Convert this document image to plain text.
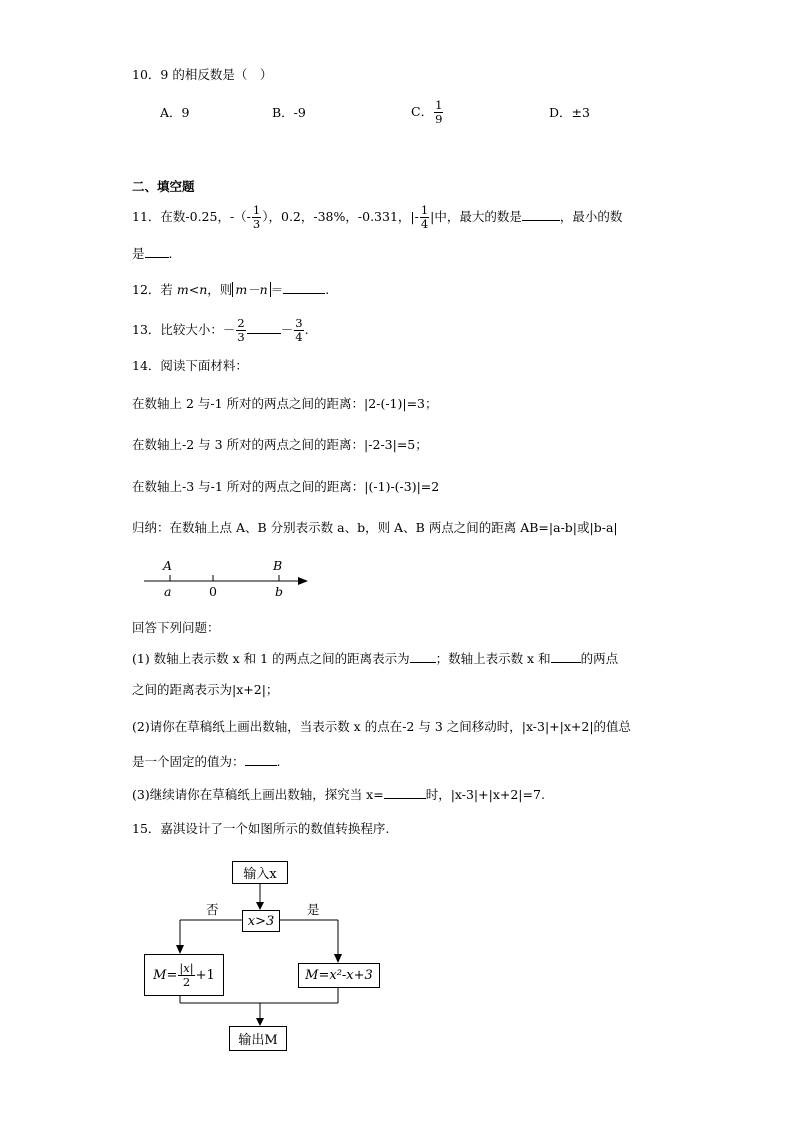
10．9 的相反数是（　）
A．9	B．-9	C． $\frac{1}{9}$	D．±3
二、填空题
11．在数-0.25，-（- $\frac{1}{3}$ ），0.2，-38%，-0.331，|- $\frac{1}{4}$ |中，最大的数是	，最小的数
是 .
12．若 m<n，则 m－n ＝	.
13．比较大小：－ $\frac{2}{3}$	－ $\frac{3}{4}$ .
14．阅读下面材料：
在数轴上 2 与-1 所对的两点之间的距离：|2-(-1)|=3；
在数轴上-2 与 3 所对的两点之间的距离：|-2-3|=5；
在数轴上-3 与-1 所对的两点之间的距离：|(-1)-(-3)|=2
归纳：在数轴上点 A、B 分别表示数 a、b，则 A、B 两点之间的距离 AB=|a-b|或|b-a|
A
a	0
B
b
回答下列问题：
(1) 数轴上表示数 x 和 1 的两点之间的距离表示为 ；数轴上表示数 x 和 的两点
之间的距离表示为|x+2|；
(2)请你在草稿纸上画出数轴，当表示数 x 的点在-2 与 3 之间移动时，|x-3|+|x+2|的值总
是一个固定的值为：	.
(3)继续请你在草稿纸上画出数轴，探究当 x=	时，|x-3|+|x+2|=7.
15．嘉淇设计了一个如图所示的数值转换程序.
输入x
否	是
x>3
$M= \frac{|x|}{2} +1$	M=x²-x+3
输出M
